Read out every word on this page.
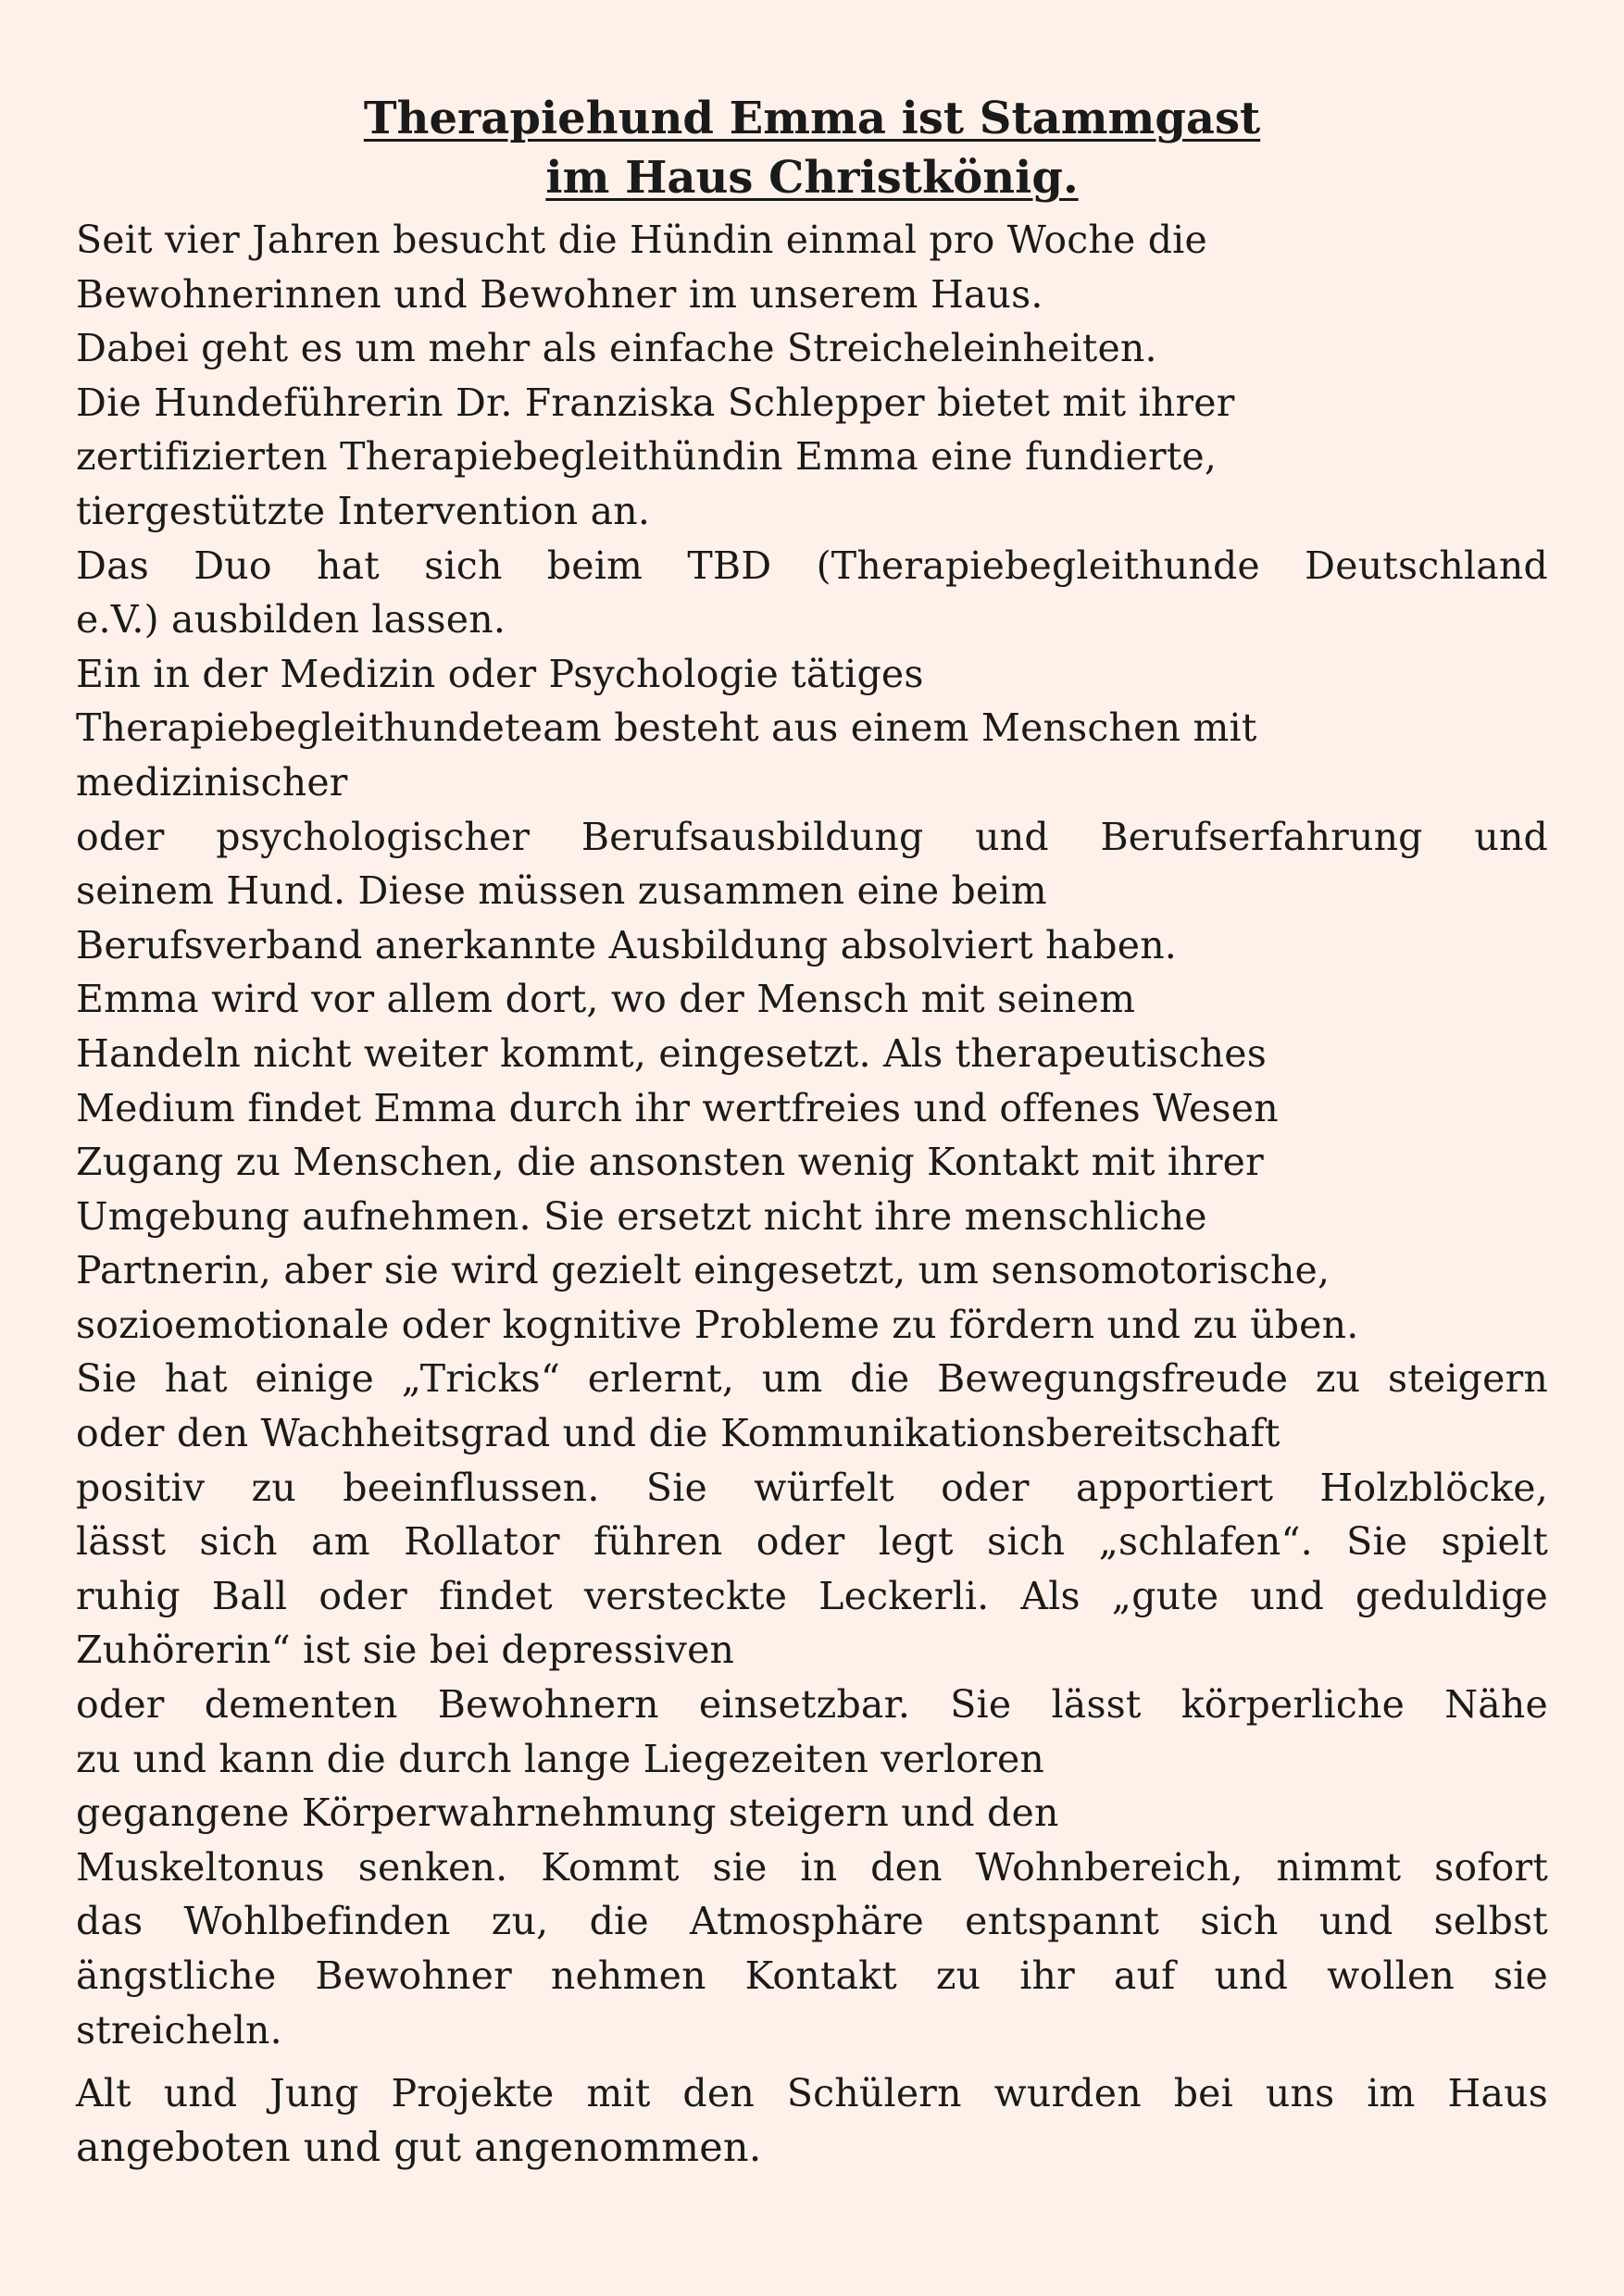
Therapiehund Emma ist Stammgast
im Haus Christkönig.
Seit vier Jahren besucht die Hündin einmal pro Woche die
Bewohnerinnen und Bewohner im unserem Haus.
Dabei geht es um mehr als einfache Streicheleinheiten.
Die Hundeführerin Dr. Franziska Schlepper bietet mit ihrer
zertifizierten Therapiebegleithündin Emma eine fundierte,
tiergestützte Intervention an.
Das Duo hat sich beim TBD (Therapiebegleithunde Deutschland
e.V.) ausbilden lassen.
Ein in der Medizin oder Psychologie tätiges
Therapiebegleithundeteam besteht aus einem Menschen mit
medizinischer
oder psychologischer Berufsausbildung und Berufserfahrung und
seinem Hund. Diese müssen zusammen eine beim
Berufsverband anerkannte Ausbildung absolviert haben.
Emma wird vor allem dort, wo der Mensch mit seinem
Handeln nicht weiter kommt, eingesetzt. Als therapeutisches
Medium findet Emma durch ihr wertfreies und offenes Wesen
Zugang zu Menschen, die ansonsten wenig Kontakt mit ihrer
Umgebung aufnehmen. Sie ersetzt nicht ihre menschliche
Partnerin, aber sie wird gezielt eingesetzt, um sensomotorische,
sozioemotionale oder kognitive Probleme zu fördern und zu üben.
Sie hat einige „Tricks“ erlernt, um die Bewegungsfreude zu steigern
oder den Wachheitsgrad und die Kommunikationsbereitschaft
positiv zu beeinflussen. Sie würfelt oder apportiert Holzblöcke,
lässt sich am Rollator führen oder legt sich „schlafen“. Sie spielt
ruhig Ball oder findet versteckte Leckerli. Als „gute und geduldige
Zuhörerin“ ist sie bei depressiven
oder dementen Bewohnern einsetzbar. Sie lässt körperliche Nähe
zu und kann die durch lange Liegezeiten verloren
gegangene Körperwahrnehmung steigern und den
Muskeltonus senken. Kommt sie in den Wohnbereich, nimmt sofort
das Wohlbefinden zu, die Atmosphäre entspannt sich und selbst
ängstliche Bewohner nehmen Kontakt zu ihr auf und wollen sie
streicheln.
Alt und Jung Projekte mit den Schülern wurden bei uns im Haus
angeboten und gut angenommen.
